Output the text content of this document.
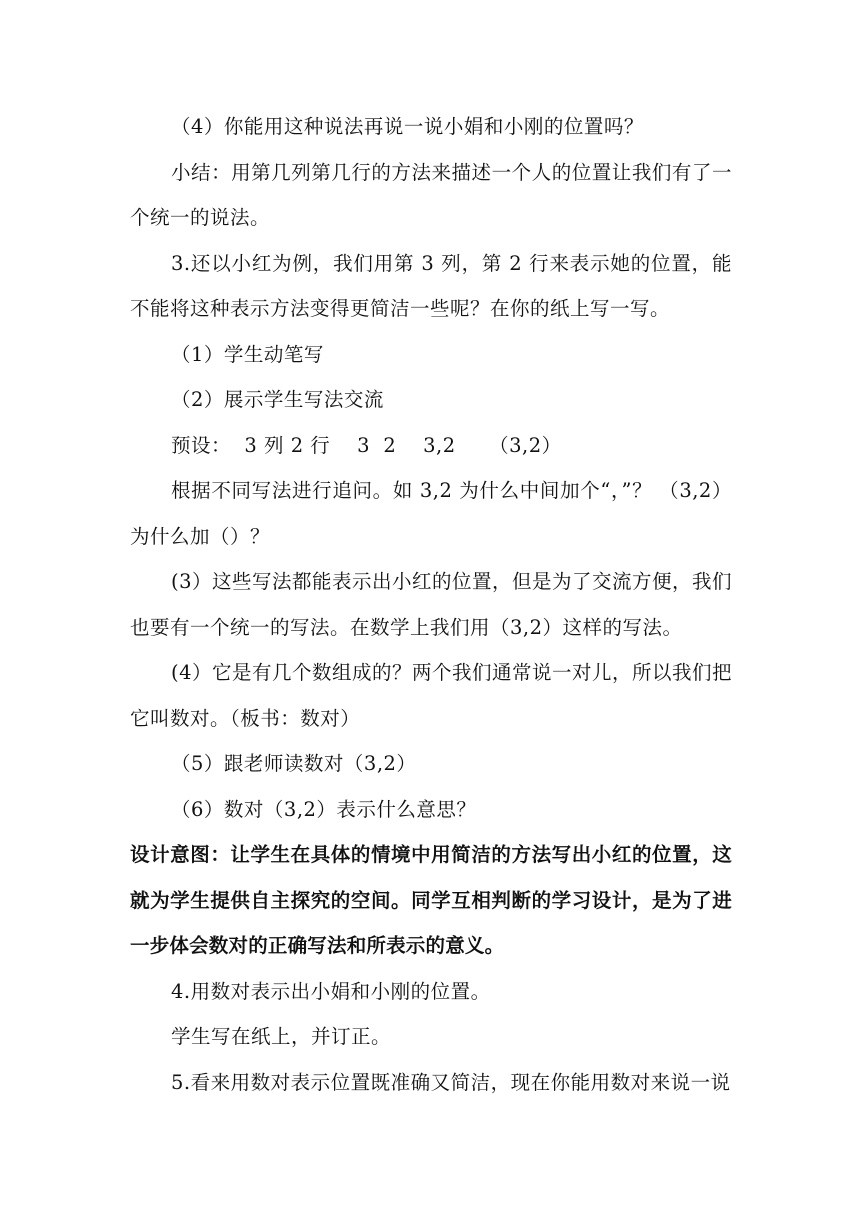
（4）你能用这种说法再说一说小娟和小刚的位置吗？

小结：用第几列第几行的方法来描述一个人的位置让我们有了一个统一的说法。

3.还以小红为例，我们用第 3 列，第 2 行来表示她的位置，能不能将这种表示方法变得更简洁一些呢？在你的纸上写一写。

（1）学生动笔写

（2）展示学生写法交流

预设：  3 列 2 行    3  2    3,2     （3,2）

根据不同写法进行追问。如 3,2 为什么中间加个“，”？ （3,2）为什么加（）？

(3）这些写法都能表示出小红的位置，但是为了交流方便，我们也要有一个统一的写法。在数学上我们用（3,2）这样的写法。

(4）它是有几个数组成的？两个我们通常说一对儿，所以我们把它叫数对。（板书：数对）

（5）跟老师读数对（3,2）

（6）数对（3,2）表示什么意思？

设计意图：让学生在具体的情境中用简洁的方法写出小红的位置，这就为学生提供自主探究的空间。同学互相判断的学习设计，是为了进一步体会数对的正确写法和所表示的意义。

4.用数对表示出小娟和小刚的位置。

学生写在纸上，并订正。

5.看来用数对表示位置既准确又简洁，现在你能用数对来说一说
